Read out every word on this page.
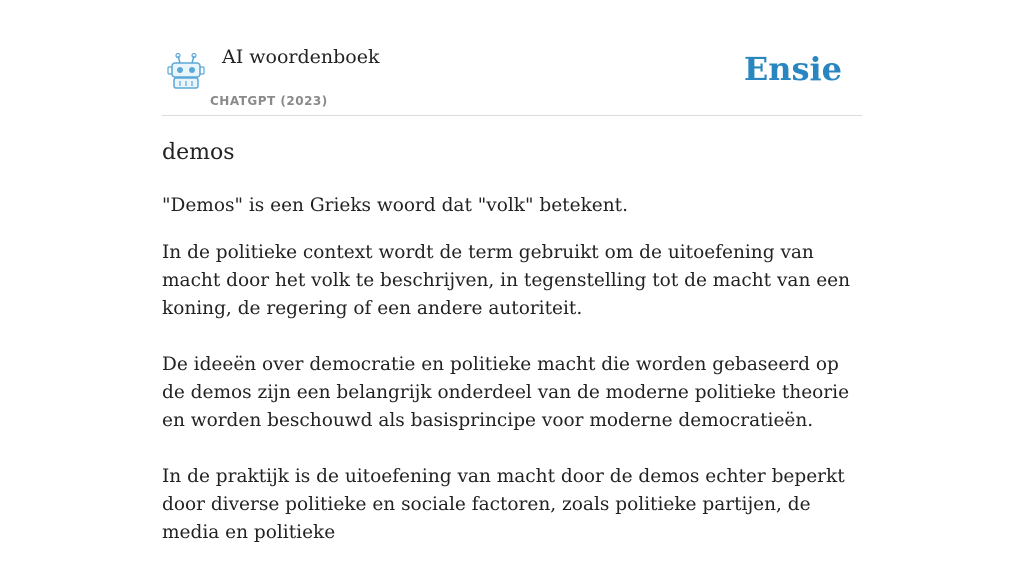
AI woordenboek
CHATGPT (2023)
Ensie
demos

"Demos" is een Grieks woord dat "volk" betekent.

In de politieke context wordt de term gebruikt om de uitoefening van macht door het volk te beschrijven, in tegenstelling tot de macht van een koning, de regering of een andere autoriteit.

De ideeën over democratie en politieke macht die worden gebaseerd op de demos zijn een belangrijk onderdeel van de moderne politieke theorie en worden beschouwd als basisprincipe voor moderne democratieën.

In de praktijk is de uitoefening van macht door de demos echter beperkt door diverse politieke en sociale factoren, zoals politieke partijen, de media en politieke
